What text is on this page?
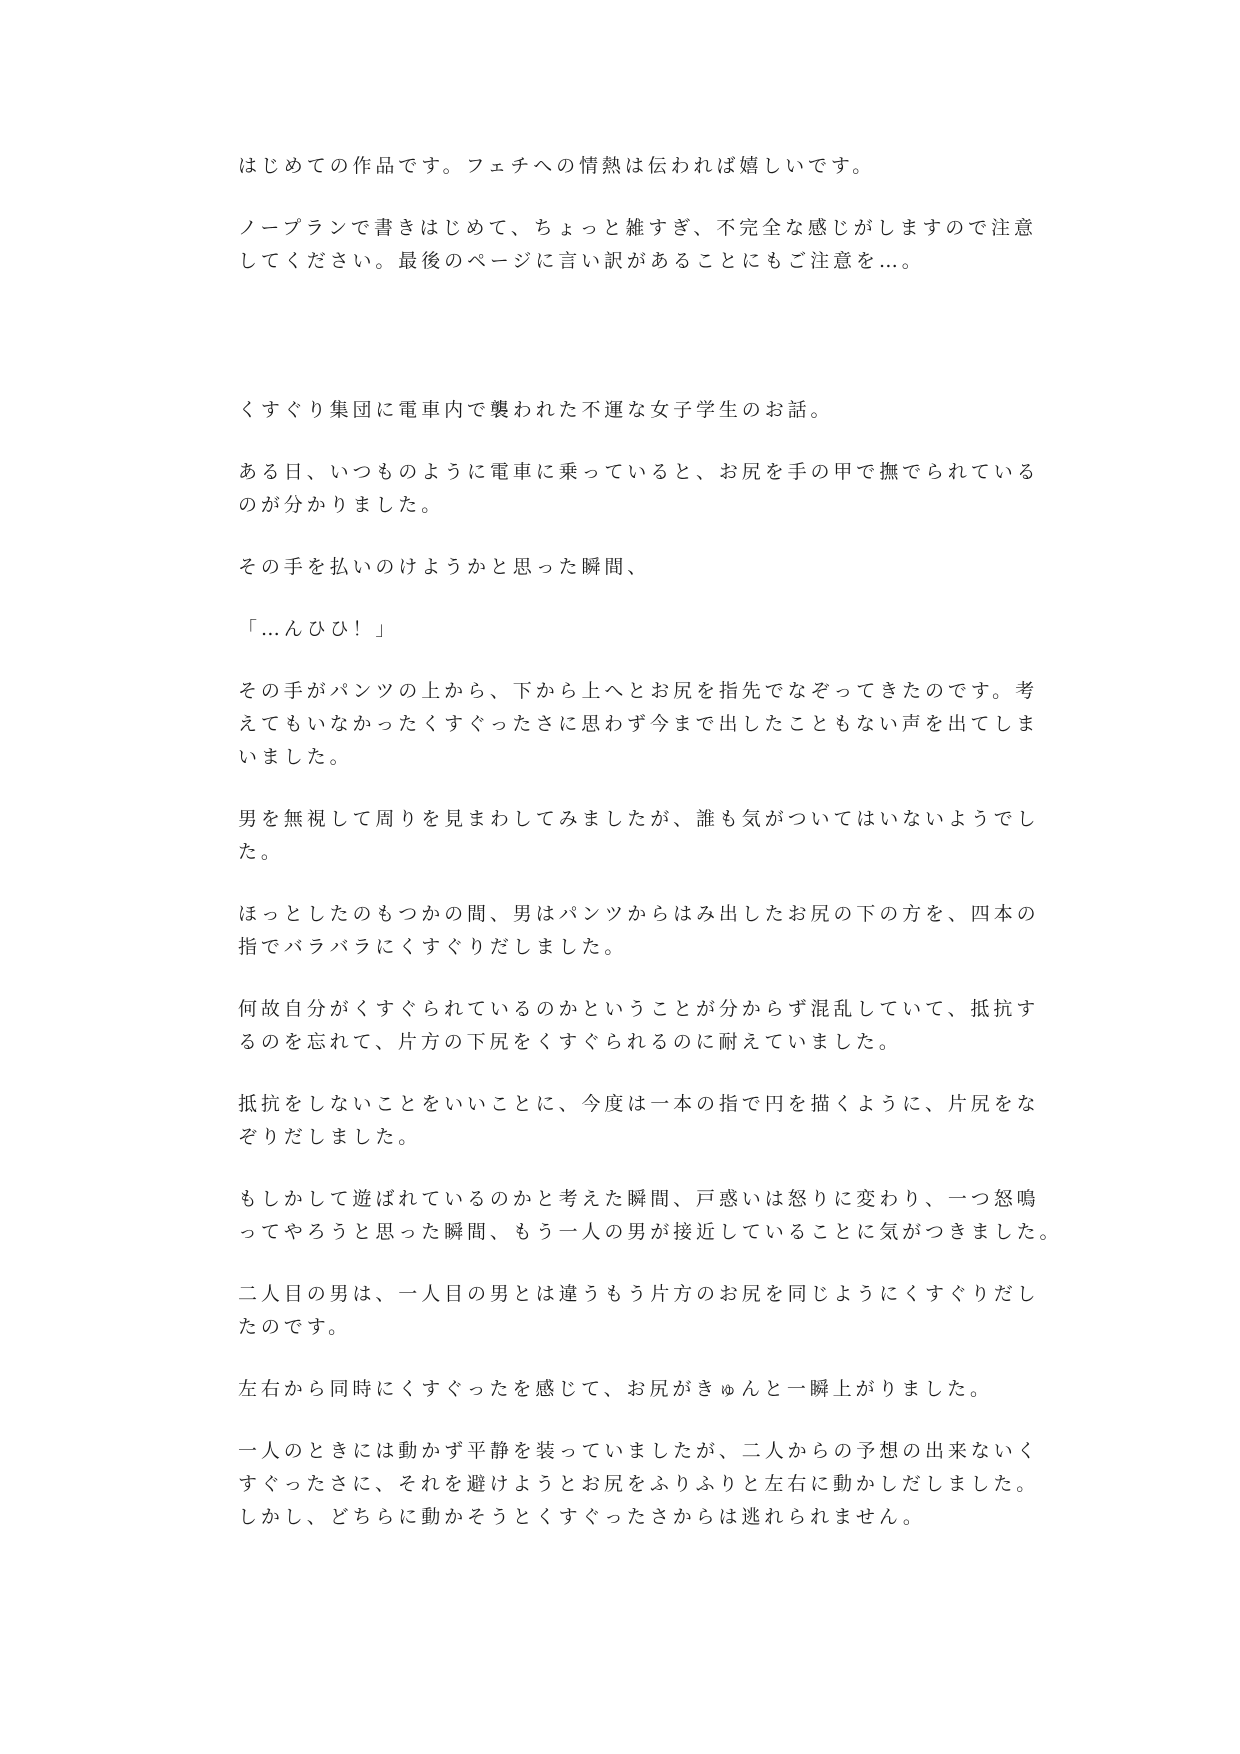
はじめての作品です。フェチへの情熱は伝われば嬉しいです。

ノープランで書きはじめて、ちょっと雑すぎ、不完全な感じがしますので注意
してください。最後のページに言い訳があることにもご注意を…。

くすぐり集団に電車内で襲われた不運な女子学生のお話。

ある日、いつものように電車に乗っていると、お尻を手の甲で撫でられている
のが分かりました。

その手を払いのけようかと思った瞬間、

「…んひひ！」

その手がパンツの上から、下から上へとお尻を指先でなぞってきたのです。考
えてもいなかったくすぐったさに思わず今まで出したこともない声を出てしま
いました。

男を無視して周りを見まわしてみましたが、誰も気がついてはいないようでし
た。

ほっとしたのもつかの間、男はパンツからはみ出したお尻の下の方を、四本の
指でバラバラにくすぐりだしました。

何故自分がくすぐられているのかということが分からず混乱していて、抵抗す
るのを忘れて、片方の下尻をくすぐられるのに耐えていました。

抵抗をしないことをいいことに、今度は一本の指で円を描くように、片尻をな
ぞりだしました。

もしかして遊ばれているのかと考えた瞬間、戸惑いは怒りに変わり、一つ怒鳴
ってやろうと思った瞬間、もう一人の男が接近していることに気がつきました。

二人目の男は、一人目の男とは違うもう片方のお尻を同じようにくすぐりだし
たのです。

左右から同時にくすぐったを感じて、お尻がきゅんと一瞬上がりました。

一人のときには動かず平静を装っていましたが、二人からの予想の出来ないく
すぐったさに、それを避けようとお尻をふりふりと左右に動かしだしました。
しかし、どちらに動かそうとくすぐったさからは逃れられません。
